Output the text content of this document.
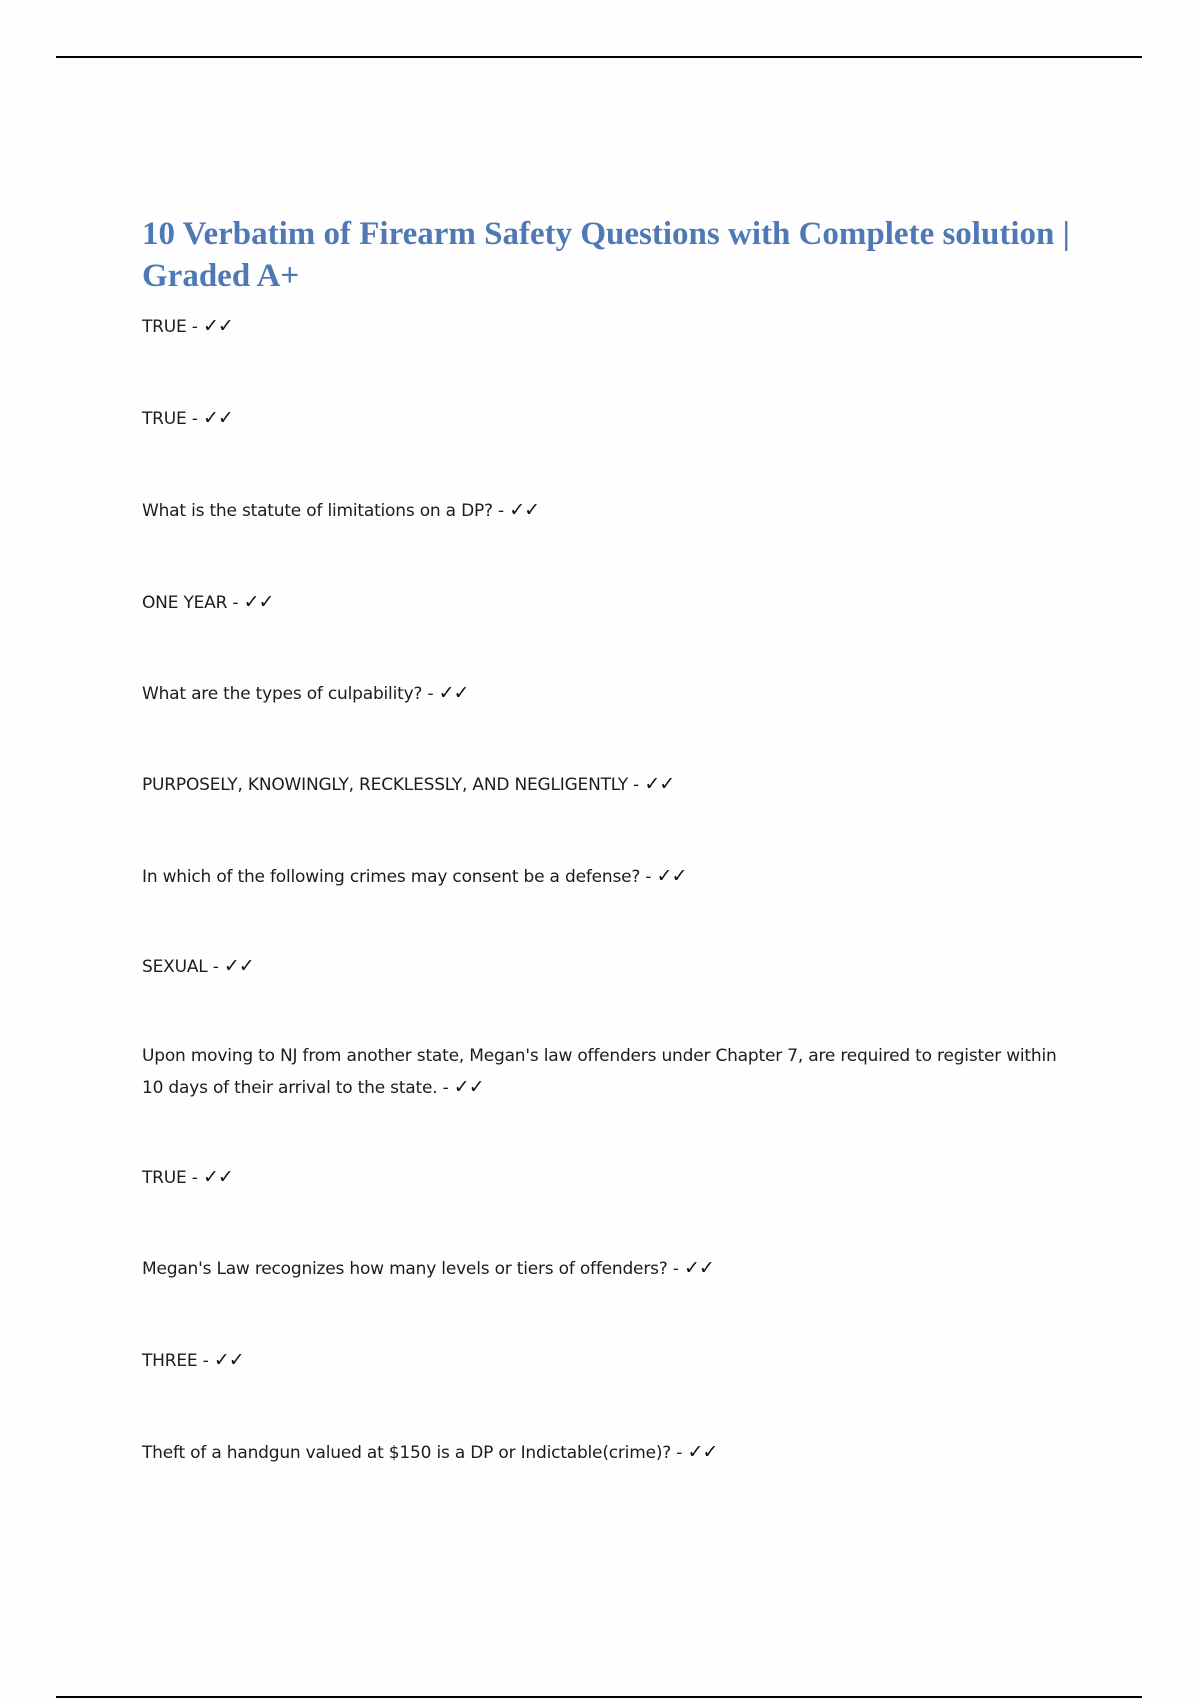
10 Verbatim of Firearm Safety Questions with Complete solution | Graded A+

TRUE - ✓✓

TRUE - ✓✓

What is the statute of limitations on a DP? - ✓✓

ONE YEAR - ✓✓

What are the types of culpability? - ✓✓

PURPOSELY, KNOWINGLY, RECKLESSLY, AND NEGLIGENTLY - ✓✓

In which of the following crimes may consent be a defense? - ✓✓

SEXUAL - ✓✓

Upon moving to NJ from another state, Megan's law offenders under Chapter 7, are required to register within 10 days of their arrival to the state. - ✓✓

TRUE - ✓✓

Megan's Law recognizes how many levels or tiers of offenders? - ✓✓

THREE - ✓✓

Theft of a handgun valued at $150 is a DP or Indictable(crime)? - ✓✓
